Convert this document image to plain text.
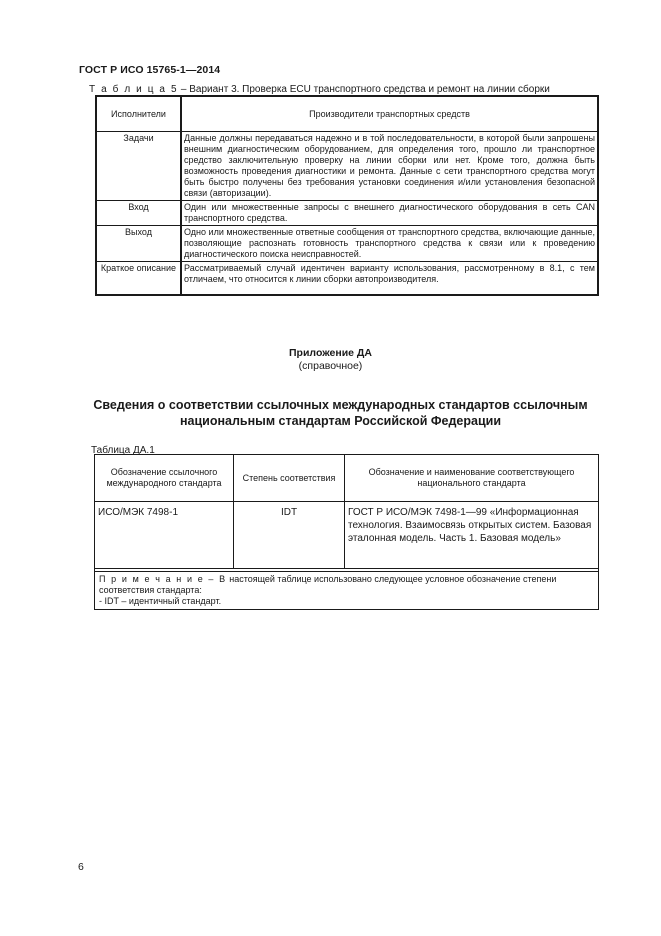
ГОСТ Р ИСО 15765-1—2014
Т а б л и ц а 5 – Вариант 3. Проверка ECU транспортного средства и ремонт на линии сборки
Исполнители	Производители транспортных средств
Задачи	Данные должны передаваться надежно и в той последовательности, в которой были запрошены внешним диагностическим оборудованием, для определения того, прошло ли транспортное средство заключительную проверку на линии сборки или нет. Кроме того, должна быть возможность проведения диагностики и ремонта. Данные с сети транспортного средства могут быть быстро получены без требования установки соединения и/или установления безопасной связи (авторизации).
Вход	Один или множественные запросы с внешнего диагностического оборудования в сеть CAN транспортного средства.
Выход	Одно или множественные ответные сообщения от транспортного средства, включающие данные, позволяющие распознать готовность транспортного средства к связи или к проведению диагностического поиска неисправностей.
Краткое описание	Рассматриваемый случай идентичен варианту использования, рассмотренному в 8.1, с тем отличаем, что относится к линии сборки автопроизводителя.
Приложение ДА
(справочное)
Сведения о соответствии ссылочных международных стандартов ссылочным национальным стандартам Российской Федерации
Таблица ДА.1
Обозначение ссылочного международного стандарта	Степень соответствия	Обозначение и наименование соответствующего национального стандарта
ИСО/МЭК 7498-1	IDT	ГОСТ Р ИСО/МЭК 7498-1—99 «Информационная технология. Взаимосвязь открытых систем. Базовая эталонная модель. Часть 1. Базовая модель»

П р и м е ч а н и е – В настоящей таблице использовано следующее условное обозначение степени соответствия стандарта:
- IDT – идентичный стандарт.		
6
